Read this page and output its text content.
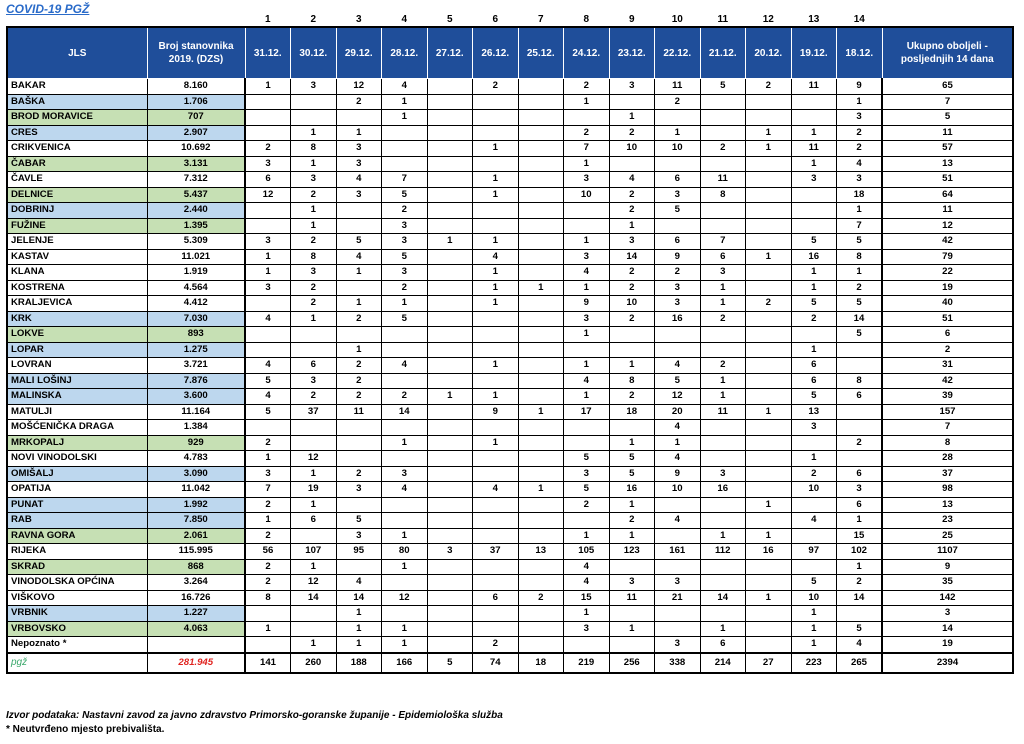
COVID-19 PGŽ
		1	2	3	4	5	6	7	8	9	10	11	12	13	14	
JLS	Broj stanovnika 2019. (DZS)	31.12.	30.12.	29.12.	28.12.	27.12.	26.12.	25.12.	24.12.	23.12.	22.12.	21.12.	20.12.	19.12.	18.12.	Ukupno oboljeli - posljednjih 14 dana
BAKAR	8.160	1	3	12	4		2		2	3	11	5	2	11	9	65
BAŠKA	1.706			2	1				1		2				1	7
BROD MORAVICE	707				1					1					3	5
CRES	2.907		1	1					2	2	1		1	1	2	11
CRIKVENICA	10.692	2	8	3			1		7	10	10	2	1	11	2	57
ČABAR	3.131	3	1	3					1					1	4	13
ČAVLE	7.312	6	3	4	7		1		3	4	6	11		3	3	51
DELNICE	5.437	12	2	3	5		1		10	2	3	8			18	64
DOBRINJ	2.440		1		2					2	5				1	11
FUŽINE	1.395		1		3					1					7	12
JELENJE	5.309	3	2	5	3	1	1		1	3	6	7		5	5	42
KASTAV	11.021	1	8	4	5		4		3	14	9	6	1	16	8	79
KLANA	1.919	1	3	1	3		1		4	2	2	3		1	1	22
KOSTRENA	4.564	3	2		2		1	1	1	2	3	1		1	2	19
KRALJEVICA	4.412		2	1	1		1		9	10	3	1	2	5	5	40
KRK	7.030	4	1	2	5				3	2	16	2		2	14	51
LOKVE	893								1						5	6
LOPAR	1.275			1										1		2
LOVRAN	3.721	4	6	2	4		1		1	1	4	2		6		31
MALI LOŠINJ	7.876	5	3	2					4	8	5	1		6	8	42
MALINSKA	3.600	4	2	2	2	1	1		1	2	12	1		5	6	39
MATULJI	11.164	5	37	11	14		9	1	17	18	20	11	1	13		157
MOŠĆENIČKA DRAGA	1.384										4			3		7
MRKOPALJ	929	2			1		1			1	1				2	8
NOVI VINODOLSKI	4.783	1	12						5	5	4			1		28
OMIŠALJ	3.090	3	1	2	3				3	5	9	3		2	6	37
OPATIJA	11.042	7	19	3	4		4	1	5	16	10	16		10	3	98
PUNAT	1.992	2	1						2	1			1		6	13
RAB	7.850	1	6	5						2	4			4	1	23
RAVNA GORA	2.061	2		3	1				1	1		1	1		15	25
RIJEKA	115.995	56	107	95	80	3	37	13	105	123	161	112	16	97	102	1107
SKRAD	868	2	1		1				4						1	9
VINODOLSKA OPĆINA	3.264	2	12	4					4	3	3			5	2	35
VIŠKOVO	16.726	8	14	14	12		6	2	15	11	21	14	1	10	14	142
VRBNIK	1.227			1					1					1		3
VRBOVSKO	4.063	1		1	1				3	1		1		1	5	14
Nepoznato *			1	1	1		2				3	6		1	4	19
pgž	281.945	141	260	188	166	5	74	18	219	256	338	214	27	223	265	2394
Izvor podataka: Nastavni zavod za javno zdravstvo Primorsko-goranske županije - Epidemiološka služba
* Neutvrđeno mjesto prebivališta.
